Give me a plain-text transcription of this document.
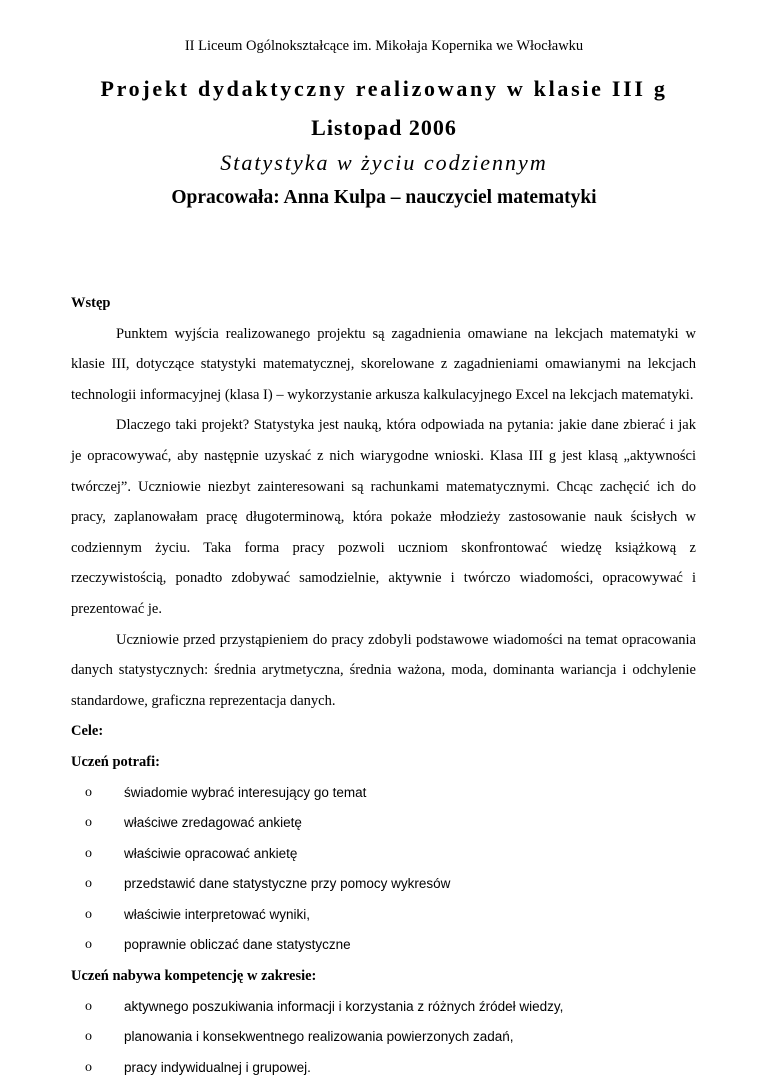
II Liceum Ogólnokształcące im. Mikołaja Kopernika we Włocławku
Projekt dydaktyczny realizowany w klasie III g
Listopad 2006
Statystyka w życiu codziennym
Opracowała: Anna Kulpa – nauczyciel matematyki

Wstęp

Punktem wyjścia realizowanego projektu są zagadnienia omawiane na lekcjach matematyki w klasie III, dotyczące statystyki matematycznej, skorelowane z zagadnieniami omawianymi na lekcjach technologii informacyjnej (klasa I) – wykorzystanie arkusza kalkulacyjnego Excel na lekcjach matematyki.

Dlaczego taki projekt? Statystyka jest nauką, która odpowiada na pytania: jakie dane zbierać i jak je opracowywać, aby następnie uzyskać z nich wiarygodne wnioski. Klasa III g jest klasą „aktywności twórczej”. Uczniowie niezbyt zainteresowani są rachunkami matematycznymi. Chcąc zachęcić ich do pracy, zaplanowałam pracę długoterminową, która pokaże młodzieży zastosowanie nauk ścisłych w codziennym życiu. Taka forma pracy pozwoli uczniom skonfrontować wiedzę książkową z rzeczywistością, ponadto zdobywać samodzielnie, aktywnie i twórczo wiadomości, opracowywać i prezentować je.

Uczniowie przed przystąpieniem do pracy zdobyli podstawowe wiadomości na temat opracowania danych statystycznych: średnia arytmetyczna, średnia ważona, moda, dominanta wariancja i odchylenie standardowe, graficzna reprezentacja danych.

Cele:

Uczeń potrafi:

o świadomie wybrać interesujący go temat
o właściwe zredagować ankietę
o właściwie opracować ankietę
o przedstawić dane statystyczne przy pomocy wykresów
o właściwie interpretować wyniki,
o poprawnie obliczać dane statystyczne

Uczeń nabywa kompetencję w zakresie:

o aktywnego poszukiwania informacji i korzystania z różnych źródeł wiedzy,
o planowania i konsekwentnego realizowania powierzonych zadań,
o pracy indywidualnej i grupowej.
